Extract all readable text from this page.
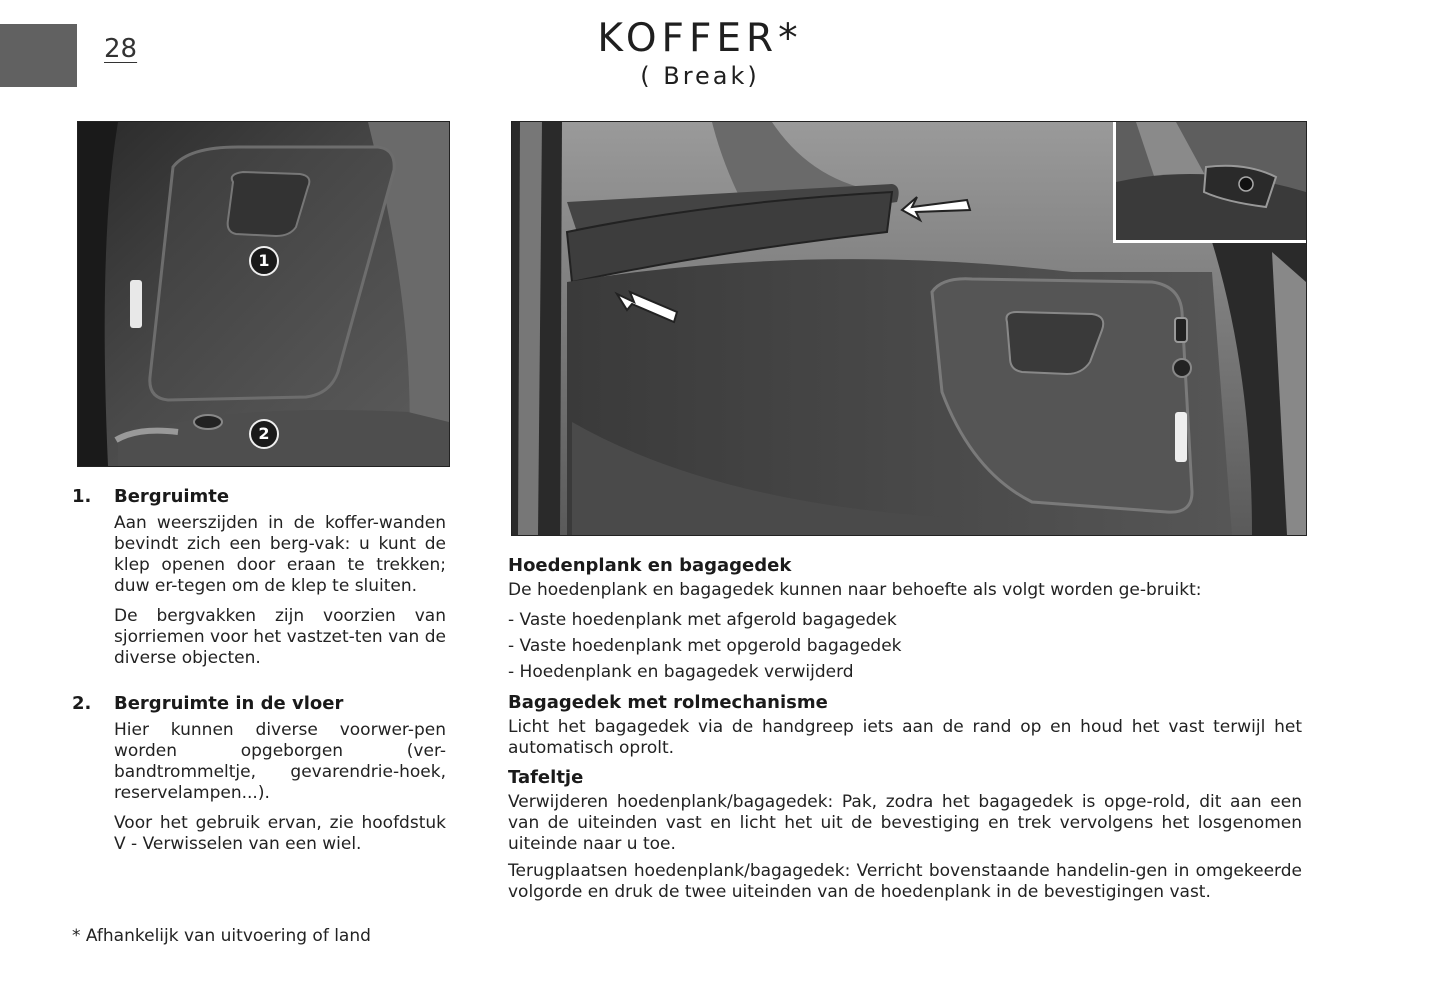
28	KOFFER*
( Break)
1
2
1. Bergruimte

Aan weerszijden in de koffer-wanden bevindt zich een berg-vak: u kunt de klep openen door eraan te trekken; duw er-tegen om de klep te sluiten.

De bergvakken zijn voorzien van sjorriemen voor het vastzet-ten van de diverse objecten.

2. Bergruimte in de vloer

Hier kunnen diverse voorwer-pen worden opgeborgen (ver-bandtrommeltje, gevarendrie-hoek, reservelampen...).

Voor het gebruik ervan, zie hoofdstuk V - Verwisselen van een wiel.

* Afhankelijk van uitvoering of land
Hoedenplank en bagagedek

De hoedenplank en bagagedek kunnen naar behoefte als volgt worden ge-bruikt:

- Vaste hoedenplank met afgerold bagagedek
- Vaste hoedenplank met opgerold bagagedek
- Hoedenplank en bagagedek verwijderd
Bagagedek met rolmechanisme

Licht het bagagedek via de handgreep iets aan de rand op en houd het vast terwijl het automatisch oprolt.

Tafeltje

Verwijderen hoedenplank/bagagedek: Pak, zodra het bagagedek is opge-rold, dit aan een van de uiteinden vast en licht het uit de bevestiging en trek vervolgens het losgenomen uiteinde naar u toe.

Terugplaatsen hoedenplank/bagagedek: Verricht bovenstaande handelin-gen in omgekeerde volgorde en druk de twee uiteinden van de hoedenplank in de bevestigingen vast.
